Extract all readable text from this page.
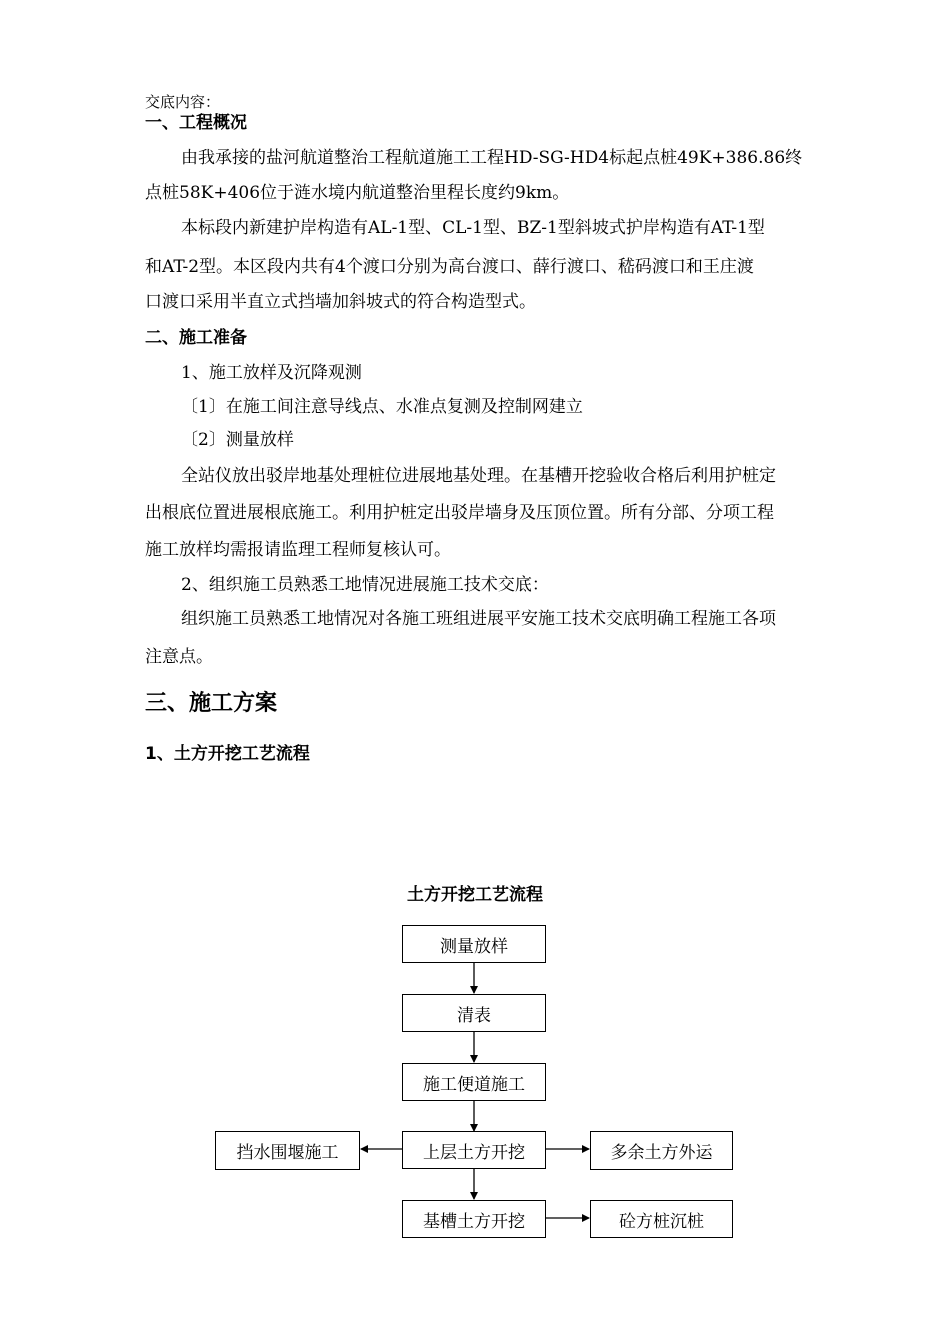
交底内容：
一、工程概况
由我承接的盐河航道整治工程航道施工工程HD-SG-HD4标起点桩49K+386.86终
点桩58K+406位于涟水境内航道整治里程长度约9km。
本标段内新建护岸构造有AL-1型、CL-1型、BZ-1型斜坡式护岸构造有AT-1型
和AT-2型。本区段内共有4个渡口分别为高台渡口、薛行渡口、嵇码渡口和王庄渡
口渡口采用半直立式挡墙加斜坡式的符合构造型式。
二、施工准备
1、施工放样及沉降观测
〔1〕在施工间注意导线点、水准点复测及控制网建立
〔2〕测量放样
全站仪放出驳岸地基处理桩位进展地基处理。在基槽开挖验收合格后利用护桩定
出根底位置进展根底施工。利用护桩定出驳岸墙身及压顶位置。所有分部、分项工程
施工放样均需报请监理工程师复核认可。
2、组织施工员熟悉工地情况进展施工技术交底：
组织施工员熟悉工地情况对各施工班组进展平安施工技术交底明确工程施工各项
注意点。
三、施工方案
1、土方开挖工艺流程
土方开挖工艺流程
测量放样
清表
施工便道施工
上层土方开挖
挡水围堰施工	多余土方外运
基槽土方开挖	砼方桩沉桩
